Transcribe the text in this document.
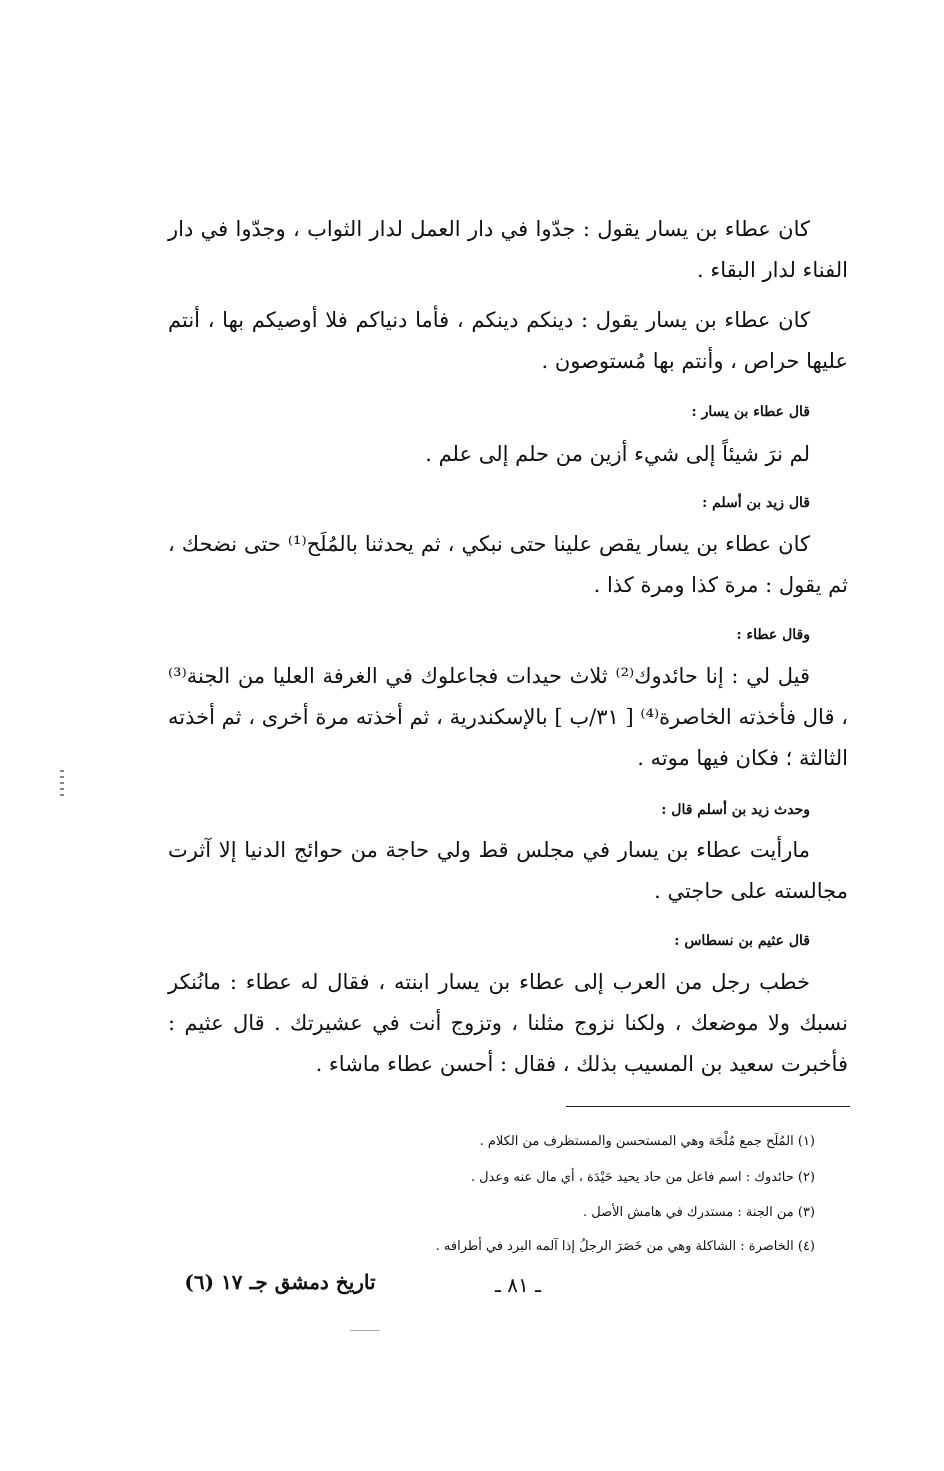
كان عطاء بن يسار يقول : جدّوا في دار العمل لدار الثواب ، وجدّوا في دار الفناء لدار البقاء .
كان عطاء بن يسار يقول : دينكم دينكم ، فأما دنياكم فلا أوصيكم بها ، أنتم عليها حراص ، وأنتم بها مُستوصون .
قال عطاء بن يسار :
لم نرَ شيئاً إلى شيء أزين من حلم إلى علم .
قال زيد بن أسلم :
كان عطاء بن يسار يقص علينا حتى نبكي ، ثم يحدثنا بالمُلَح⁽¹⁾ حتى نضحك ، ثم يقول : مرة كذا ومرة كذا .
وقال عطاء :
قيل لي : إنا حائدوك⁽²⁾ ثلاث حيدات فجاعلوك في الغرفة العليا من الجنة⁽³⁾ ، قال فأخذته الخاصرة⁽⁴⁾ [ ٣١/ب ] بالإسكندرية ، ثم أخذته مرة أخرى ، ثم أخذته الثالثة ؛ فكان فيها موته .
وحدث زيد بن أسلم قال :
مارأيت عطاء بن يسار في مجلس قط ولي حاجة من حوائج الدنيا إلا آثرت مجالسته على حاجتي .
قال عثيم بن نسطاس :
خطب رجل من العرب إلى عطاء بن يسار ابنته ، فقال له عطاء : مانُنكر نسبك ولا موضعك ، ولكنا نزوج مثلنا ، وتزوج أنت في عشيرتك . قال عثيم : فأخبرت سعيد بن المسيب بذلك ، فقال : أحسن عطاء ماشاء .
(١) المُلَح جمع مُلْحَة وهي المستحسن والمستظرف من الكلام .
(٢) حائدوك : اسم فاعل من حاد يحيد حَيْدَة ، أي مال عنه وعدل .
(٣) من الجنة : مستدرك في هامش الأصل .
(٤) الخاصرة : الشاكلة وهي من خَصَرَ الرجلُ إذا آلمه البرد في أطرافه .
ـ ٨١ ـ
تاريخ دمشق جـ ١٧ (٦)
